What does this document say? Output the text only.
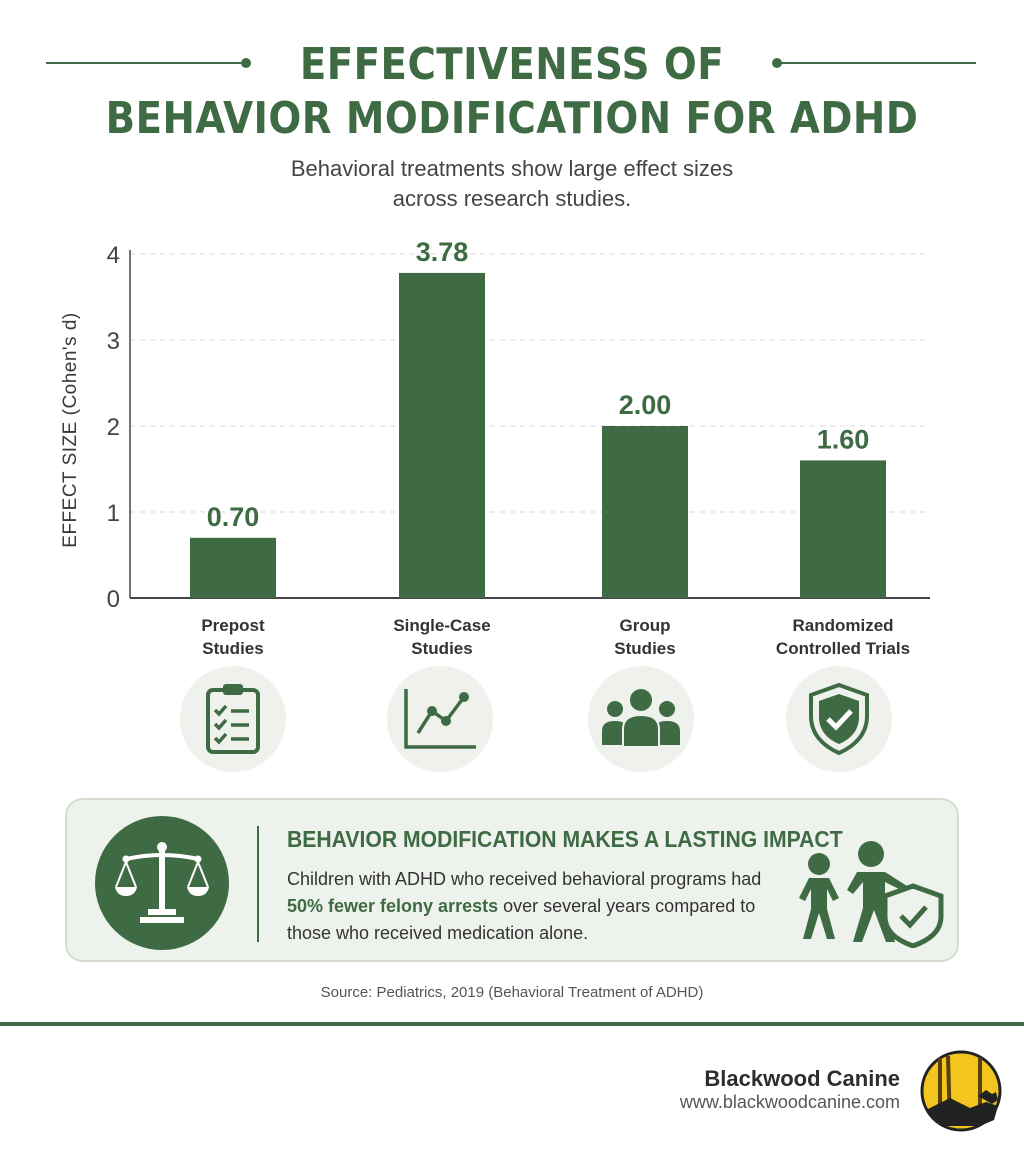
EFFECTIVENESS OF
BEHAVIOR MODIFICATION FOR ADHD
Behavioral treatments show large effect sizes
across research studies.
0
1
2
3
4
EFFECT SIZE (Cohen's d)	0.70
Prepost
Studies
3.78
Single-Case
Studies
2.00
Group
Studies
1.60
Randomized
Controlled Trials
BEHAVIOR MODIFICATION MAKES A LASTING IMPACT
Children with ADHD who received behavioral programs had 50% fewer felony arrests over several years compared to those who received medication alone.
Source: Pediatrics, 2019 (Behavioral Treatment of ADHD)
Blackwood Canine
www.blackwoodcanine.com
